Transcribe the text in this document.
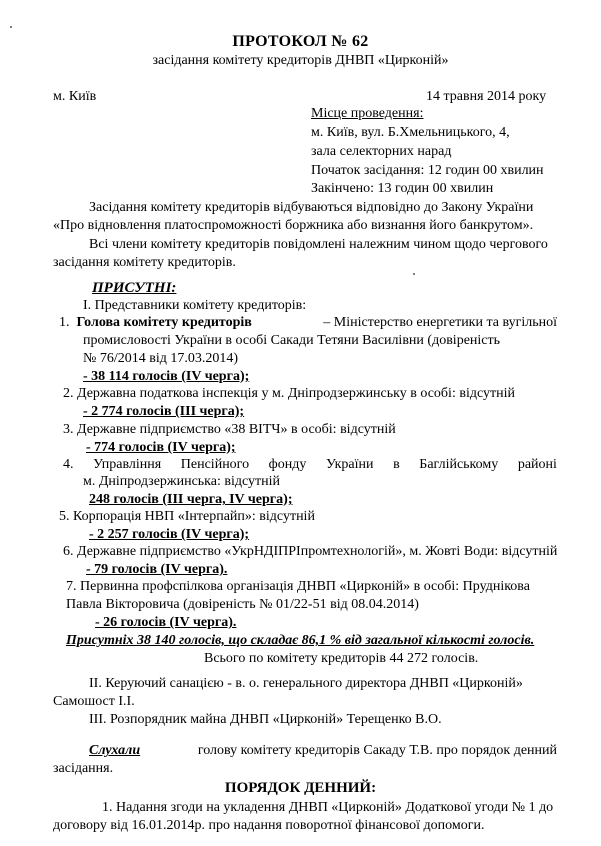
ПРОТОКОЛ № 62
засідання комітету кредиторів ДНВП «Цирконій»
м. Київ	14 травня 2014 року
Місце проведення:
м. Київ, вул. Б.Хмельницького, 4,
зала селекторних нарад
Початок засідання: 12 годин 00 хвилин
Закінчено: 13 годин 00 хвилин
Засідання комітету кредиторів відбуваються відповідно до Закону України
«Про відновлення платоспроможності боржника або визнання його банкрутом».
Всі члени комітету кредиторів повідомлені належним чином щодо чергового
засідання комітету кредиторів.
ПРИСУТНІ:
І. Представники комітету кредиторів:
1. Голова комітету кредиторів	– Міністерство енергетики та вугільної
промисловості України в особі Сакади Тетяни Василівни (довіреність
№ 76/2014 від 17.03.2014)
- 38 114 голосів (IV черга);
2. Державна податкова інспекція у м. Дніпродзержинську в особі: відсутній
- 2 774 голосів (ІІІ черга);
3. Державне підприємство «38 ВІТЧ» в особі: відсутній
- 774 голосів (IV черга);
4. Управління Пенсійного фонду України в Баглійському районі
м. Дніпродзержинська: відсутній
248 голосів (ІІІ черга, IV черга);
5. Корпорація НВП «Інтерпайп»: відсутній
- 2 257 голосів (IV черга);
6. Державне підприємство «УкрНДІПРІпромтехнологій», м. Жовті Води: відсутній
- 79 голосів (IV черга).
7. Первинна профспілкова організація ДНВП «Цирконій» в особі: Пруднікова
Павла Вікторовича (довіреність № 01/22-51 від 08.04.2014)
- 26 голосів (IV черга).
Присутніх 38 140 голосів, що складає 86,1 % від загальної кількості голосів.
Всього по комітету кредиторів 44 272 голосів.
ІІ. Керуючий санацією - в. о. генерального директора ДНВП «Цирконій»
Самошост І.І.
ІІІ. Розпорядник майна ДНВП «Цирконій» Терещенко В.О.
Слухали	голову комітету кредиторів Сакаду Т.В. про порядок денний
засідання.
ПОРЯДОК ДЕННИЙ:
1. Надання згоди на укладення ДНВП «Цирконій» Додаткової угоди № 1 до
договору від 16.01.2014р. про надання поворотної фінансової допомоги.
